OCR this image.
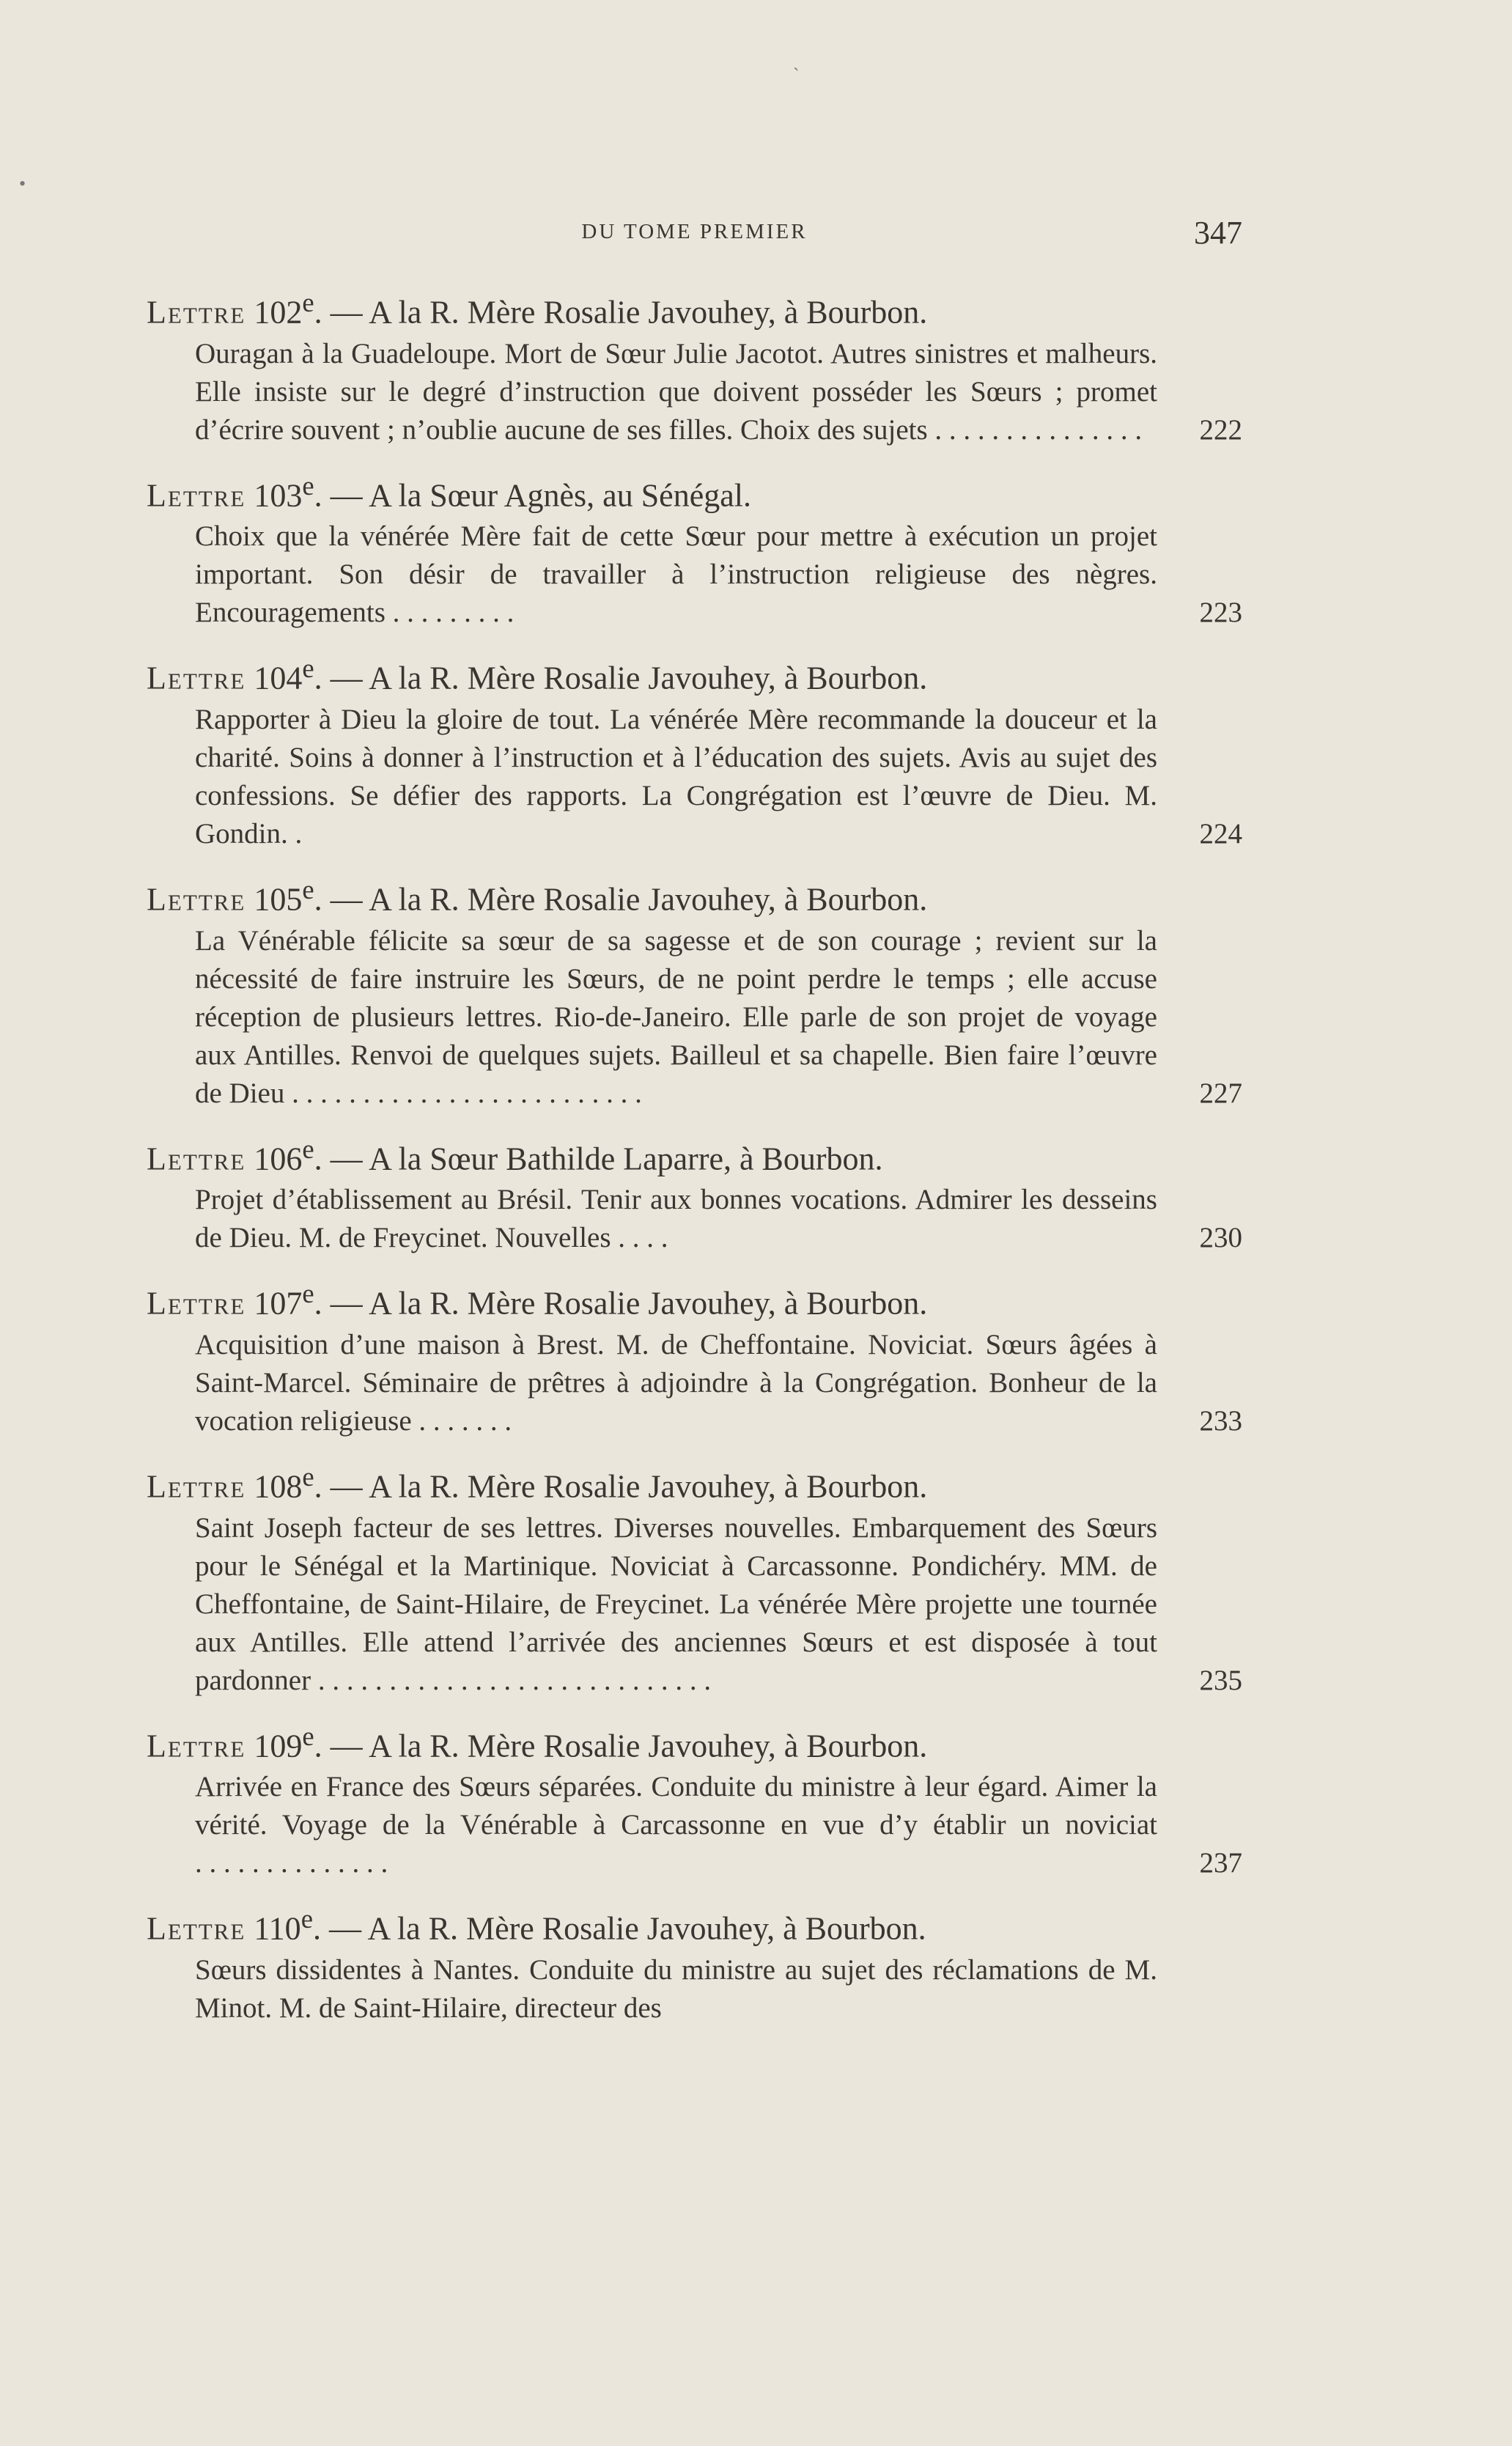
ˎ
•
DU TOME PREMIER	347

Lettre 102e. — A la R. Mère Rosalie Javouhey, à Bourbon.

Ouragan à la Guadeloupe. Mort de Sœur Julie Jacotot. Autres sinistres et malheurs. Elle insiste sur le degré d’instruction que doivent posséder les Sœurs ; promet d’écrire souvent ; n’oublie aucune de ses filles. Choix des sujets . . . . . . . . . . . . . . . 222

Lettre 103e. — A la Sœur Agnès, au Sénégal.

Choix que la vénérée Mère fait de cette Sœur pour mettre à exécution un projet important. Son désir de travailler à l’instruction religieuse des nègres. Encouragements . . . . . . . . .	223

Lettre 104e. — A la R. Mère Rosalie Javouhey, à Bourbon.

Rapporter à Dieu la gloire de tout. La vénérée Mère recommande la douceur et la charité. Soins à donner à l’instruction et à l’éducation des sujets. Avis au sujet des confessions. Se défier des rapports. La Congrégation est l’œuvre de Dieu. M. Gondin. .	224

Lettre 105e. — A la R. Mère Rosalie Javouhey, à Bourbon.

La Vénérable félicite sa sœur de sa sagesse et de son courage ; revient sur la nécessité de faire instruire les Sœurs, de ne point perdre le temps ; elle accuse réception de plusieurs lettres. Rio-de-Janeiro. Elle parle de son projet de voyage aux Antilles. Renvoi de quelques sujets. Bailleul et sa chapelle. Bien faire l’œuvre de Dieu . . . . . . . . . . . . . . . . . . . . . . . . .	227

Lettre 106e. — A la Sœur Bathilde Laparre, à Bourbon.

Projet d’établissement au Brésil. Tenir aux bonnes vocations. Admirer les desseins de Dieu. M. de Freycinet. Nouvelles . . . .	230

Lettre 107e. — A la R. Mère Rosalie Javouhey, à Bourbon.

Acquisition d’une maison à Brest. M. de Cheffontaine. Noviciat. Sœurs âgées à Saint-Marcel. Séminaire de prêtres à adjoindre à la Congrégation. Bonheur de la vocation religieuse . . . . . . .	233

Lettre 108e. — A la R. Mère Rosalie Javouhey, à Bourbon.

Saint Joseph facteur de ses lettres. Diverses nouvelles. Embarquement des Sœurs pour le Sénégal et la Martinique. Noviciat à Carcassonne. Pondichéry. MM. de Cheffontaine, de Saint-Hilaire, de Freycinet. La vénérée Mère projette une tournée aux Antilles. Elle attend l’arrivée des anciennes Sœurs et est disposée à tout pardonner . . . . . . . . . . . . . . . . . . . . . . . . . . . .	235

Lettre 109e. — A la R. Mère Rosalie Javouhey, à Bourbon.

Arrivée en France des Sœurs séparées. Conduite du ministre à leur égard. Aimer la vérité. Voyage de la Vénérable à Carcassonne en vue d’y établir un noviciat . . . . . . . . . . . . . .	237

Lettre 110e. — A la R. Mère Rosalie Javouhey, à Bourbon.

Sœurs dissidentes à Nantes. Conduite du ministre au sujet des réclamations de M. Minot. M. de Saint-Hilaire, directeur des
